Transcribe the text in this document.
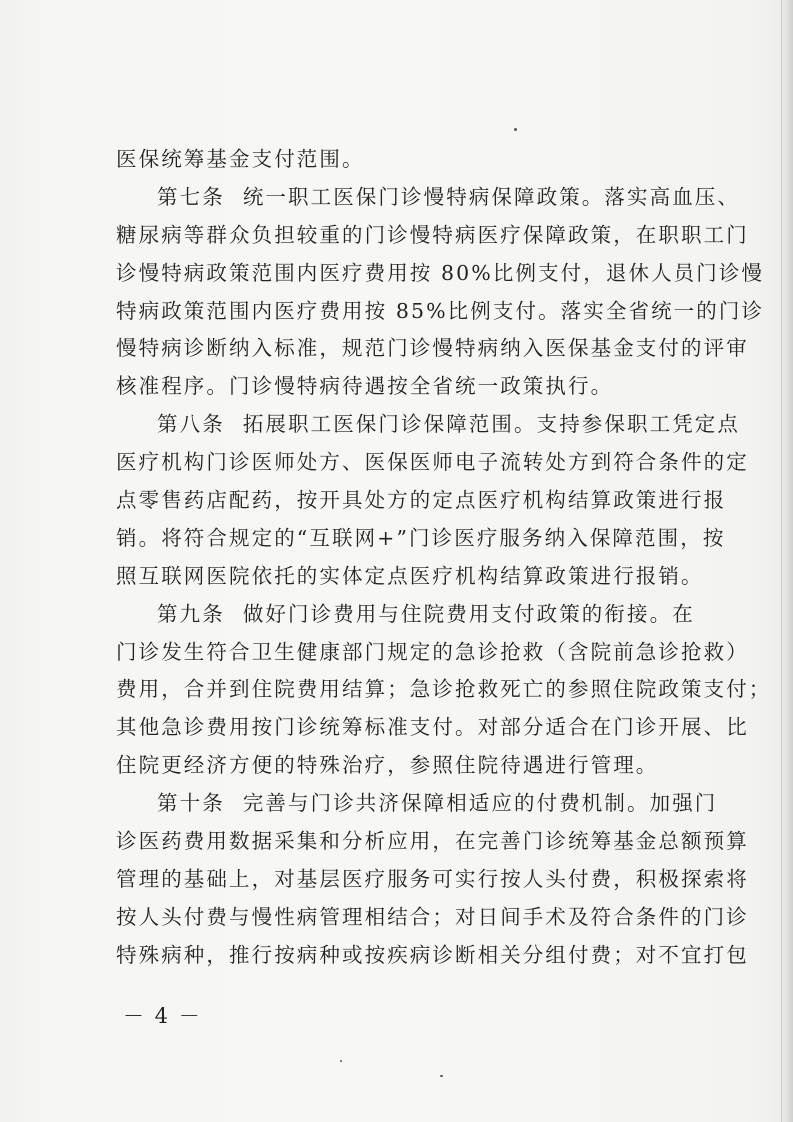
医保统筹基金支付范围。
第七条 统一职工医保门诊慢特病保障政策。落实高血压、
糖尿病等群众负担较重的门诊慢特病医疗保障政策，在职职工门
诊慢特病政策范围内医疗费用按 80%比例支付，退休人员门诊慢
特病政策范围内医疗费用按 85%比例支付。落实全省统一的门诊
慢特病诊断纳入标准，规范门诊慢特病纳入医保基金支付的评审
核准程序。门诊慢特病待遇按全省统一政策执行。
第八条 拓展职工医保门诊保障范围。支持参保职工凭定点
医疗机构门诊医师处方、医保医师电子流转处方到符合条件的定
点零售药店配药，按开具处方的定点医疗机构结算政策进行报
销。将符合规定的“互联网+”门诊医疗服务纳入保障范围，按
照互联网医院依托的实体定点医疗机构结算政策进行报销。
第九条 做好门诊费用与住院费用支付政策的衔接。在
门诊发生符合卫生健康部门规定的急诊抢救（含院前急诊抢救）
费用，合并到住院费用结算；急诊抢救死亡的参照住院政策支付；
其他急诊费用按门诊统筹标准支付。对部分适合在门诊开展、比
住院更经济方便的特殊治疗，参照住院待遇进行管理。
第十条 完善与门诊共济保障相适应的付费机制。加强门
诊医药费用数据采集和分析应用，在完善门诊统筹基金总额预算
管理的基础上，对基层医疗服务可实行按人头付费，积极探索将
按人头付费与慢性病管理相结合；对日间手术及符合条件的门诊
特殊病种，推行按病种或按疾病诊断相关分组付费；对不宜打包
－ 4 －
